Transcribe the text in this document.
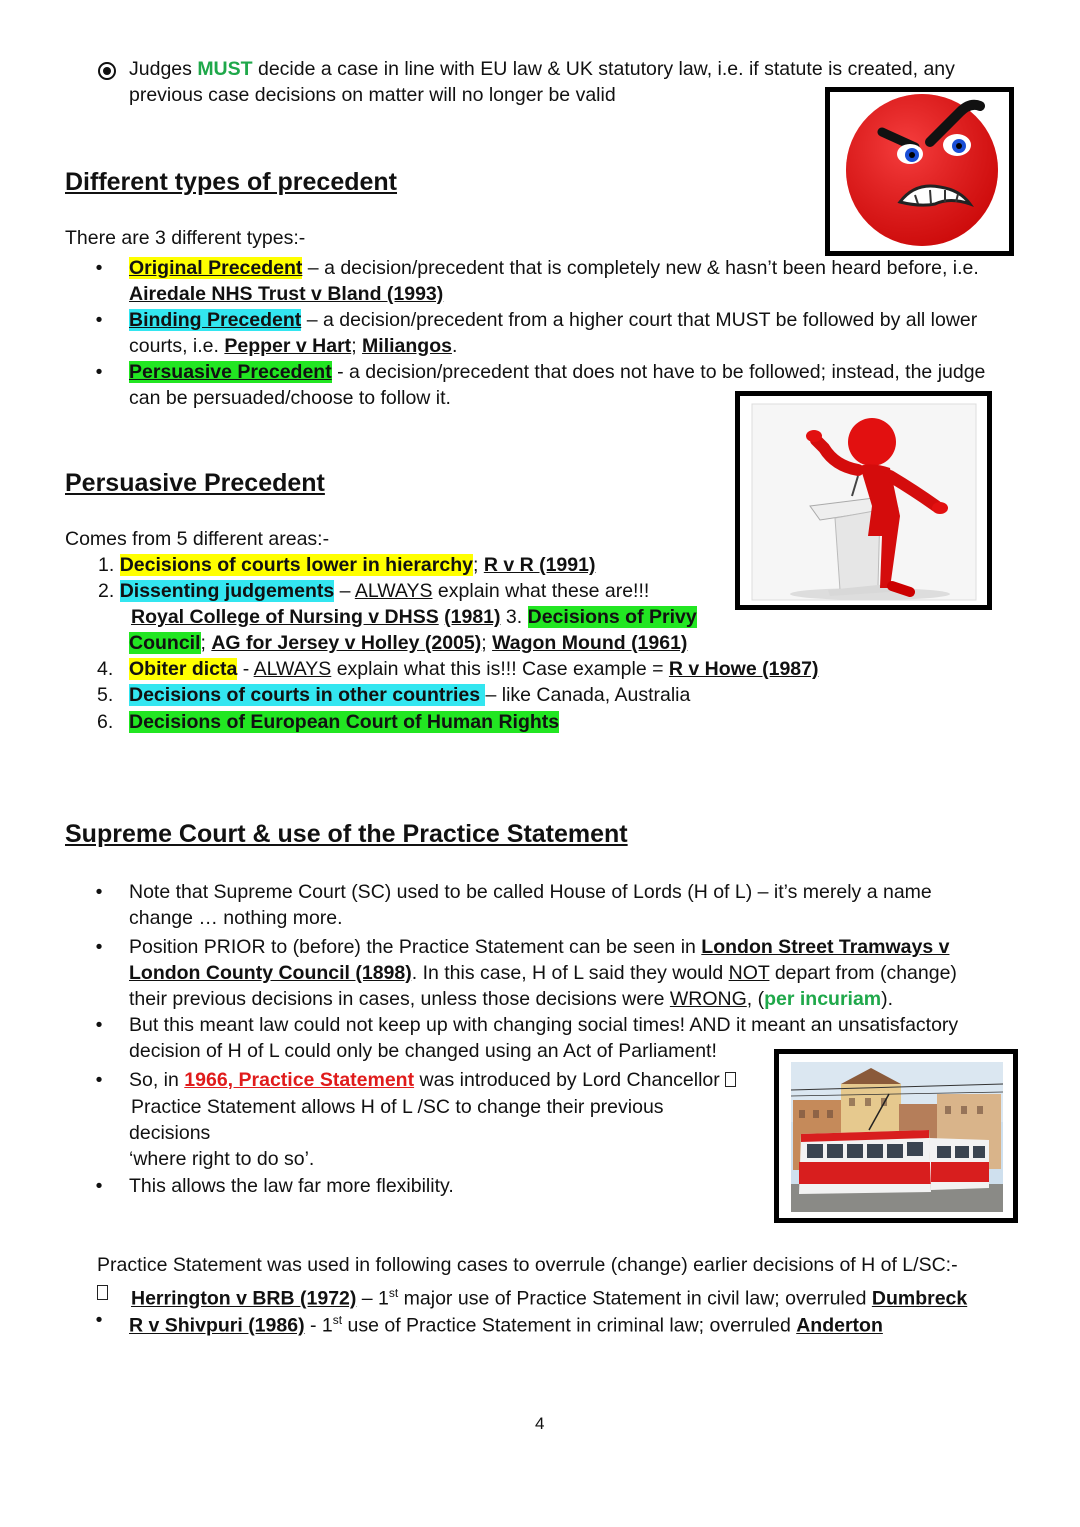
Judges MUST decide a case in line with EU law & UK statutory law, i.e. if statute is created, any
previous case decisions on matter will no longer be valid
Different types of precedent
There are 3 different types:-
•	Original Precedent – a decision/precedent that is completely new & hasn’t been heard before, i.e.
Airedale NHS Trust v Bland (1993)
•	Binding Precedent – a decision/precedent from a higher court that MUST be followed by all lower
courts, i.e. Pepper v Hart; Miliangos.
•	Persuasive Precedent - a decision/precedent that does not have to be followed; instead, the judge
can be persuaded/choose to follow it.
Persuasive Precedent
Comes from 5 different areas:-
1. Decisions of courts lower in hierarchy; R v R (1991)
2. Dissenting judgements – ALWAYS explain what these are!!!
Royal College of Nursing v DHSS (1981) 3. Decisions of Privy
Council; AG for Jersey v Holley (2005); Wagon Mound (1961)
4. Obiter dicta - ALWAYS explain what this is!!! Case example = R v Howe (1987)
5. Decisions of courts in other countries – like Canada, Australia
6. Decisions of European Court of Human Rights
Supreme Court & use of the Practice Statement
•	Note that Supreme Court (SC) used to be called House of Lords (H of L) – it’s merely a name
change … nothing more.
•	Position PRIOR to (before) the Practice Statement can be seen in London Street Tramways v
London County Council (1898). In this case, H of L said they would NOT depart from (change)
their previous decisions in cases, unless those decisions were WRONG, (per incuriam).
•	But this meant law could not keep up with changing social times! AND it meant an unsatisfactory
decision of H of L could only be changed using an Act of Parliament!
•	So, in 1966, Practice Statement was introduced by Lord Chancellor
Practice Statement allows H of L /SC to change their previous
decisions
‘where right to do so’.
•	This allows the law far more flexibility.
Practice Statement was used in following cases to overrule (change) earlier decisions of H of L/SC:-
Herrington v BRB (1972) – 1st major use of Practice Statement in civil law; overruled Dumbreck
•	R v Shivpuri (1986) - 1st use of Practice Statement in criminal law; overruled Anderton
4
